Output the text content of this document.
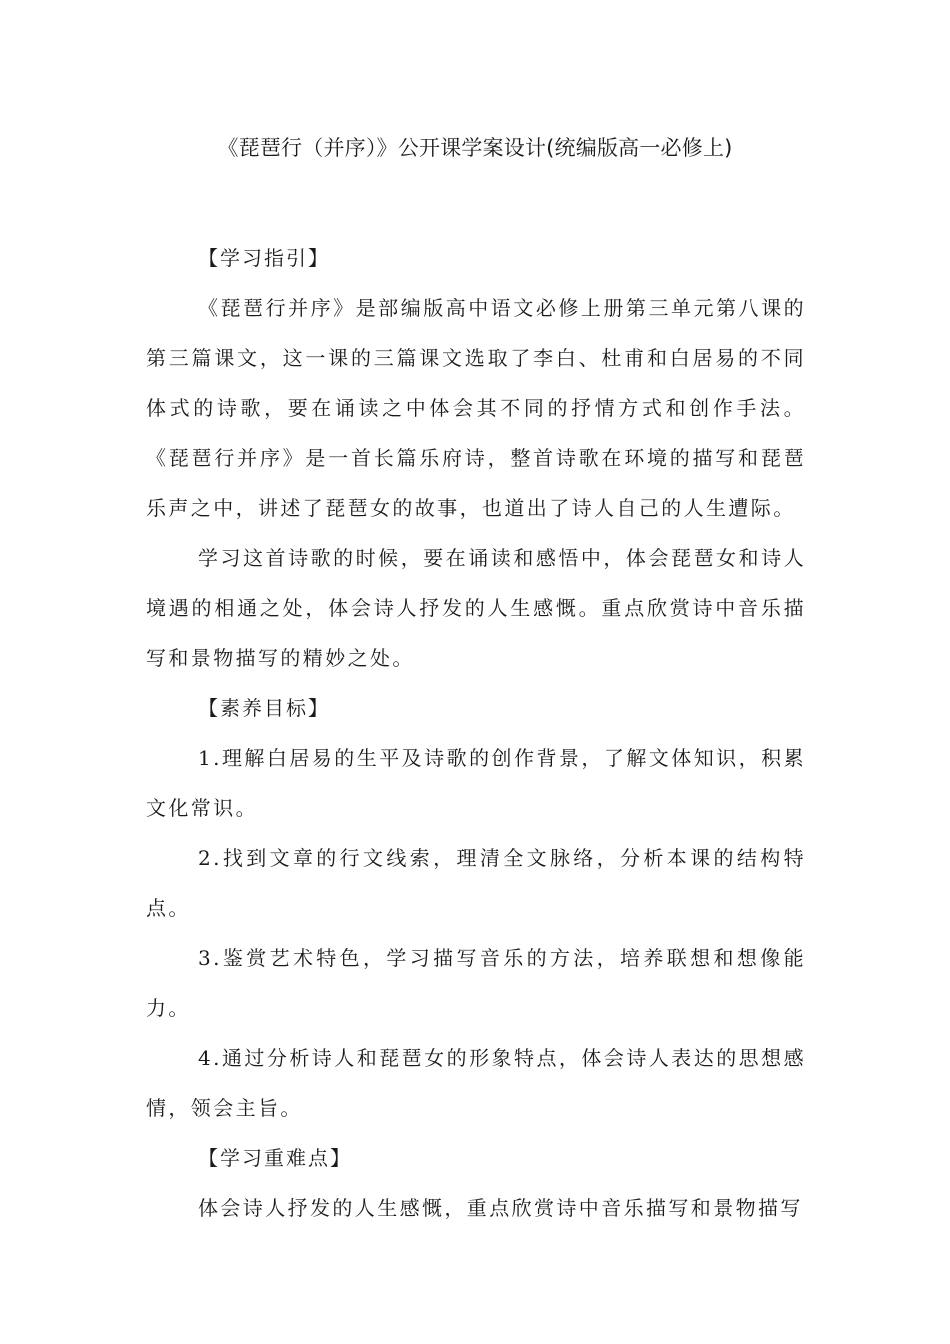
《琵琶行（并序）》公开课学案设计(统编版高一必修上)

【学习指引】

《琵琶行并序》是部编版高中语文必修上册第三单元第八课的第三篇课文，这一课的三篇课文选取了李白、杜甫和白居易的不同体式的诗歌，要在诵读之中体会其不同的抒情方式和创作手法。《琵琶行并序》是一首长篇乐府诗，整首诗歌在环境的描写和琵琶乐声之中，讲述了琵琶女的故事，也道出了诗人自己的人生遭际。

学习这首诗歌的时候，要在诵读和感悟中，体会琵琶女和诗人境遇的相通之处，体会诗人抒发的人生感慨。重点欣赏诗中音乐描写和景物描写的精妙之处。

【素养目标】

1.理解白居易的生平及诗歌的创作背景，了解文体知识，积累文化常识。

2.找到文章的行文线索，理清全文脉络，分析本课的结构特点。

3.鉴赏艺术特色，学习描写音乐的方法，培养联想和想像能力。

4.通过分析诗人和琵琶女的形象特点，体会诗人表达的思想感情，领会主旨。

【学习重难点】

体会诗人抒发的人生感慨，重点欣赏诗中音乐描写和景物描写
